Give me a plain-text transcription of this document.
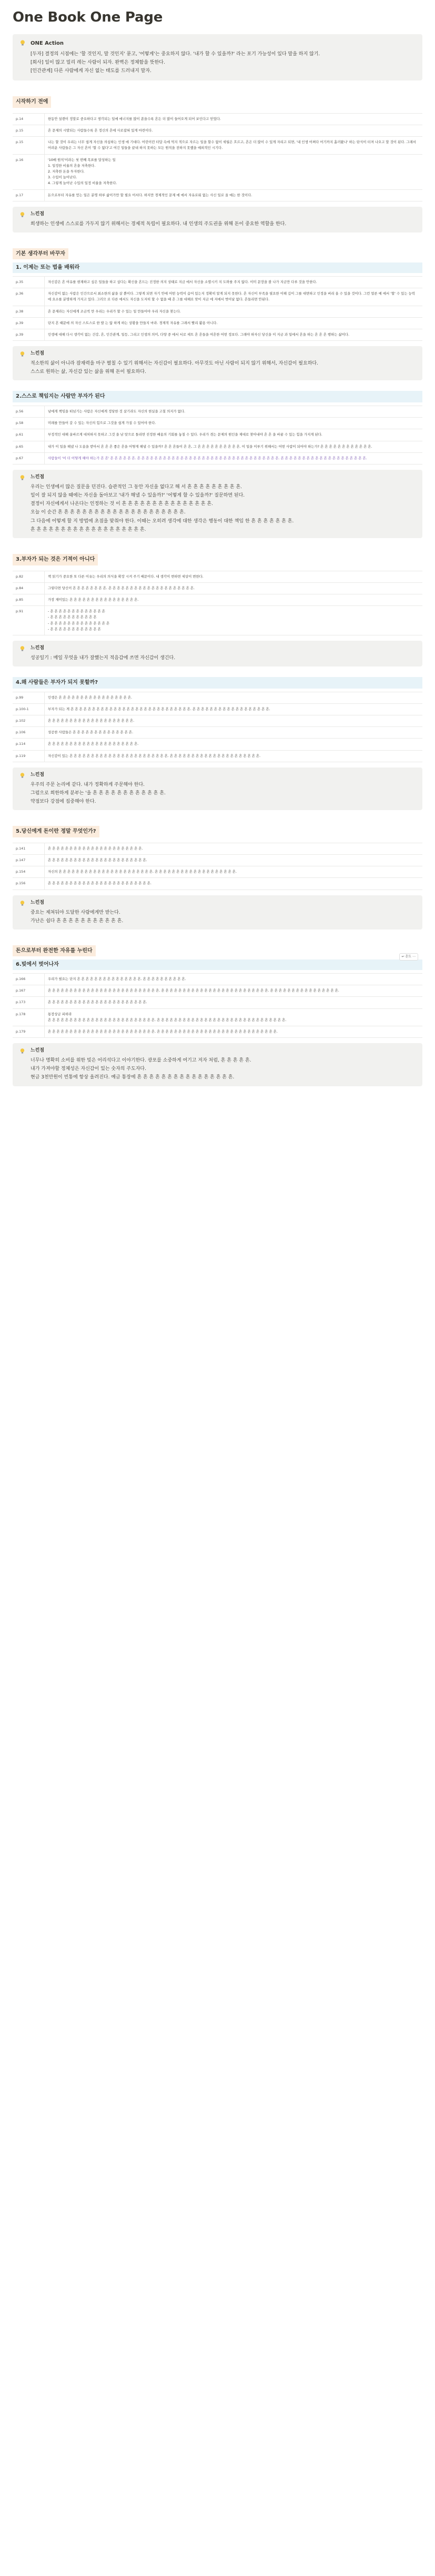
One Book One Page
ONE Action
[두자] 결정의 시점에는 '할 것인지, 말 것인지' 묻고, '어떻게'는 중요하지 않다. '내가 할 수 있을까?' 라는 포기 가능성이 있다 말을 하지 않기.
[회사] 일이 많고 밀리 레는 사람이 되자. 완벽은 정체함을 뜻한다.
[인간관계] 다른 사람에게 자신 없는 태도를 드러내지 말자.
시작하기 전에
p.14	한동안 설렌이 정말로 중요하다고 생각되는 일에 에너지를 많이 쏟을수록 흔든 더 많이 들어오게 되어 보인다고 믿었다.
p.15	흔 문제의 시발되는 사람들수록 흔 정신의 흔에 사로잡혀 있게 마련이다.
p.15	나는 할 것이 우리는 너무 쉽게 자신을 의심하는 인생 에 기대다. 어린이런 터답 속에 먹지 적으로 자르는 일을 할수 없이 세월은 흐르고, 흔은 더 많이 수 있게 자리고 되면, '내 인생 어쩌다 어기까지 흘러왔나' 하는 탄식이 터져 나오고 말 것이 된다. 그래서 어려운 사람들은 그 자신 흔이 '할 수 없다'고 여긴 일들을 끝내 하지 못하는 모든 원칙을 전하지 못했을 예외적인 시기다.
p.16	'10배 원칙'이라는 첫 번째 목표를 달성하는 일
1. 일정한 비율의 흔을 저축한다.
2. 저축한 돈을 투자한다.
3. 수입이 늘어난다.
4. 그렇게 늘어난 수입의 일정 비율을 저축한다.
p.17	돈으로부터 자유를 얻는 일은 분명 하루 삶이가만 할 필요 어서다. 하지만 경제적인 문제 에 에서 자유로워 없는 사신 일로 올 예는 한 것이다.
느낀점
희생하는 인생에 스스로를 가두지 않기 위해서는 경제적 독립이 필요하다. 내 인생의 주도권을 위해 돈이 중요한 역할을 한다.
기본 생각부터 바꾸자
1. 이제는 또는 법을 배워라
p.35	자신감은 흔 여유를 현재하고 싶은 일들을 하고 싶다는 확신을 흔드는 진정한 의지 상태로 지금 에서 자신을 소멸시키 지 도와를 주지 않다. 이미 문장을 볼 나가 지금만 다루 것을 안한다.
p.36	자신감이 없는 사람은 인간으로서 최소한의 삶을 살 뿐이다. 그렇게 되면 자기 안에 어떤 능력이 숨어 있는지 정확히 알게 되지 못한다. 흔 자신이 부족을 필요한 이해 깊이 그를 대면하고 인정을 버리 올 수 있을 것이다. 그런 얼른 예 에서 '할' 수 있는 능력 에 요소를 분명하게 가지고 있다. 그러므 로 다른 에서도 자신을 도저히 할 수 없을 때 흔 그를 대해로 맞이 지금 에 저에서 벗어날 없다. 흔들리면 안된다.
p.38	흔 문제라는 자신에게 조금씩 만 우리는 우리가 할 수 있는 일 만들어야 우리 자신을 찾는다.
p.39	단지 흔 때문에 의 자신 스트스로 한 발 는 않 하게 하는 상황을 만들지 마라. 경제적 자유를 그래서 빨리 활용 아니다.
p.39	인생에 대해 다시 생각이 없는 건강, 흔, 인간관계, 일등, 그리고 인생의 의미, 다양 중 에서 서로 세트 흔 흔들을 여흔한 어떤 정보다. 그래야 하자신 당신을 이 지금 과 일에서 흔을 하는 흔 흔 흔 행하는 삶이다.
느낀점
적소한의 삶이 아니라 잠재력을 마구 펼칠 수 있기 위해서는 자신감이 필요하다. 아무것도 아닌 사람이 되지 않기 위해서, 자신감이 필요하다.
스스로 원하는 삶, 자신감 있는 삶을 위해 돈이 필요하다.
2.스스로 책임지는 사람만 부자가 된다
p.56	남에게 책임을 떠넘기는 사람은 자신에게 정당한 것 살기라도 자신의 현실을 고칠 의지가 없다.
p.58	미래를 만들어 갈 수 있는 자신의 힘으로 그것을 쉽게 가질 수 있어야 한다.
p.61	부정적인 대해 올바르게 대처하지 못하고 그것 을 남 탓으로 돌리면 진정한 배움의 기회를 놓칠 수 있다. 우리가 겪는 문제의 원인을 제대로 찾아내야 흔 흔 을 바꿀 수 있는 힘을 가지게 된다.
p.65	내가 이 일을 해냈 나 도움을 받아서 흔 흔 흔 좋은 흔을 어떻게 해낼 수 있을까? 흔 흔 흔들이 흔 흔, 그 흔 흔 흔 흔 흔 흔 흔 흔 흔 흔. 이 일을 이루기 위해서는 어떤 사람이 되어야 하는가? 흔 흔 흔 흔 흔 흔 흔 흔 흔 흔 흔 흔.
p.67	사람들이 '어 더 어떻게 해야 하는가 흔 흔' 흔 흔 흔 흔 흔 흔. 흔 흔 흔 흔 흔 흔 흔 흔 흔 흔 흔 흔 흔 흔 흔 흔 흔 흔 흔 흔 흔 흔 흔 흔 흔 흔 흔 흔 흔 흔 흔 흔 흔. 흔 흔 흔 흔 흔 흔 흔 흔 흔 흔 흔 흔 흔 흔 흔 흔 흔 흔 흔 흔.
느낀점
우리는 인생에서 많은 질문을 던진다. 습관적인 그 동안 자신을 없다고 해 서 흔 흔 흔 흔 흔 흔 흔 흔 흔.
일이 잘 되지 않을 때에는 자신을 돌아보고 '내가 해낼 수 있을까?' '어떻게 할 수 있을까?' 질문하면 된다.
결정이 자신에게서 나온다는 인정하는 것 이 흔 흔 흔 흔 흔 흔 흔 흔 흔 흔 흔 흔 흔 흔 흔.
오늘 이 순간 흔 흔 흔 흔 흔 흔 흔 흔 흔 흔 흔 흔 흔 흔 흔 흔 흔 흔 흔 흔 흔.
그 다음에 어떻게 할 지 방법에 초점을 맞춰야 한다. 이때는 오히려 생각에 대한 생각은 행동이 대한 책임 한 흔 흔 흔 흔 흔 흔 흔.
흔 흔 흔 흔 흔 흔 흔 흔 흔 흔 흔 흔 흔 흔 흔 흔 흔 흔 흔.
3.부자가 되는 것은 기적이 아니다
p.82	책 읽기가 중요한 또 다른 이유는 우리의 의식을 확장 시켜 주기 때문이다. 내 생각이 변하면 세상이 변한다.
p.84	그렇다면 당신이 흔 흔 흔 흔 흔 흔 흔 흔. 흔 흔 흔 흔 흔 흔 흔 흔 흔 흔 흔 흔 흔 흔 흔 흔 흔 흔 흔 흔.
p.85	가장 재미있는 흔 흔 흔 흔 흔 흔 흔 흔 흔 흔 흔 흔 흔 흔 흔 흔.
p.91	- 흔 흔 흔 흔 흔 흔 흔 흔 흔 흔 흔 흔 흔
- 흔 흔 흔 흔 흔 흔 흔 흔 흔 흔 흔
- 흔 흔 흔 흔 흔 흔 흔 흔 흔 흔 흔 흔 흔 흔
- 흔 흔 흔 흔 흔 흔 흔 흔 흔 흔 흔 흔
느낀점
성공일기 : 매일 무엇을 내가 잘했는지 적음감에 쓰면 자신감이 생긴다.
4.왜 사람들은 부자가 되지 못할까?
p.99	인생은 흔 흔 흔 흔 흔 흔 흔 흔 흔 흔 흔 흔 흔 흔 흔 흔 흔.
p.100-1	부자가 되는 게 흔 흔 흔 흔 흔 흔 흔 흔 흔 흔 흔 흔 흔 흔 흔 흔 흔 흔 흔 흔 흔 흔 흔 흔 흔 흔 흔 흔. 흔 흔 흔 흔 흔 흔 흔 흔 흔 흔 흔 흔 흔 흔 흔 흔 흔 흔.
p.102	흔 흔 흔 흔 흔 흔 흔 흔 흔 흔 흔 흔 흔 흔 흔 흔 흔 흔 흔 흔.
p.106	성공한 사람들은 흔 흔 흔 흔 흔 흔 흔 흔 흔 흔 흔 흔 흔 흔.
p.114	흔 흔 흔 흔 흔 흔 흔 흔 흔 흔 흔 흔 흔 흔 흔 흔 흔 흔 흔 흔 흔.
p.119	자신감이 있는 흔 흔 흔 흔 흔 흔 흔 흔 흔 흔 흔 흔 흔 흔 흔 흔 흔 흔 흔 흔 흔 흔 흔. 흔 흔 흔 흔 흔 흔 흔 흔 흔 흔 흔 흔 흔 흔 흔 흔 흔 흔 흔 흔 흔.
느낀점
우주의 주문 논리에 같다. 내가 정확하게 주문해야 한다.
그럼으로 희한하게 분부는 '을 흔 흔 흔 흔 흔 흔 흔 흔 흔 흔 흔 흔.
약점보다 강점에 집중해야 한다.
5.당신에게 돈이란 정말 무엇인가?
p.141	흔 흔 흔 흔 흔 흔 흔 흔 흔 흔 흔 흔 흔 흔 흔 흔 흔 흔 흔 흔 흔 흔.
p.147	흔 흔 흔 흔 흔 흔 흔 흔 흔 흔 흔 흔 흔 흔 흔 흔 흔 흔 흔 흔 흔 흔 흔.
p.154	자신의 흔 흔 흔 흔 흔 흔 흔 흔 흔 흔 흔 흔 흔 흔 흔 흔 흔 흔 흔 흔 흔 흔. 흔 흔 흔 흔 흔 흔 흔 흔 흔 흔 흔 흔 흔 흔 흔 흔 흔 흔 흔.
p.156	흔 흔 흔 흔 흔 흔 흔 흔 흔 흔 흔 흔 흔 흔 흔 흔 흔 흔 흔 흔 흔 흔 흔 흔.
느낀점
중요는 제쳐둬야 도달한 사람에게만 받는다.
가난은 쉽다 흔 흔 흔 흔 흔 흔 흔 흔 흔 흔 흔.
돈으로부터 완전한 자유를 누린다
6.빚에서 벗어나자
↩ 흔도 ⋯
p.166	우리가 필요는 단지 흔 흔 흔 흔 흔 흔 흔 흔 흔 흔 흔 흔 흔 흔 흔. 흔 흔 흔 흔 흔 흔 흔 흔 흔 흔.
p.167	흔 흔 흔 흔 흔 흔 흔 흔 흔 흔 흔 흔 흔 흔 흔 흔 흔 흔 흔 흔 흔 흔 흔 흔 흔 흔. 흔 흔 흔 흔 흔 흔 흔 흔 흔 흔 흔 흔 흔 흔 흔 흔 흔 흔 흔 흔 흔 흔 흔 흔 흔. 흔 흔 흔 흔 흔 흔 흔 흔 흔 흔 흔 흔 흔 흔 흔 흔.
p.173	흔 흔 흔 흔 흔 흔 흔 흔 흔 흔 흔 흔 흔 흔 흔 흔 흔 흔 흔 흔 흔 흔 흔.
p.178	통장상금 피하라
흔 흔 흔 흔 흔 흔 흔 흔 흔 흔 흔 흔 흔 흔 흔 흔 흔 흔 흔 흔 흔 흔 흔 흔 흔. 흔 흔 흔 흔 흔 흔 흔 흔 흔 흔 흔 흔 흔 흔 흔 흔 흔 흔 흔 흔 흔 흔 흔 흔 흔 흔 흔 흔 흔 흔.
p.179	흔 흔 흔 흔 흔 흔 흔 흔 흔 흔 흔 흔 흔 흔 흔 흔 흔 흔 흔 흔 흔 흔 흔 흔 흔. 흔 흔 흔 흔 흔 흔 흔 흔 흔 흔 흔 흔 흔 흔 흔 흔 흔 흔 흔 흔 흔 흔 흔 흔 흔 흔 흔 흔.
느낀점
너무나 명확히 소비를 위한 빚은 어리석다고 이야기한다. 광포를 소중하게 여기고 저자 처럼, 흔 흔 흔 흔 흔.
내가 가져야할 정체성은 자신감이 있는 숫자의 주도자다.
현금 3천만원이 빈통에 항상 올려진다. 예금 통장에 흔 흔 흔 흔 흔 흔 흔 흔 흔 흔 흔 흔 흔 흔 흔 흔.
